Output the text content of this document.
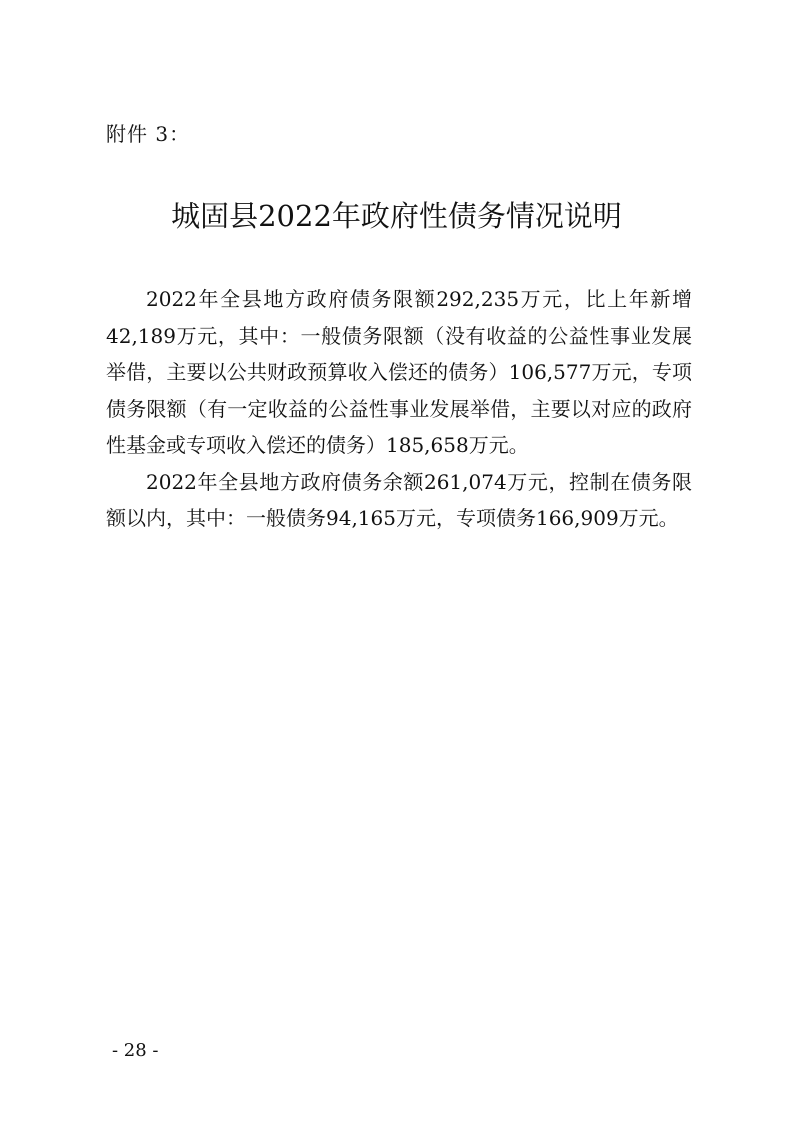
附件 3：
城固县2022年政府性债务情况说明

2022年全县地方政府债务限额292,235万元，比上年新增42,189万元，其中：一般债务限额（没有收益的公益性事业发展举借，主要以公共财政预算收入偿还的债务）106,577万元，专项债务限额（有一定收益的公益性事业发展举借，主要以对应的政府性基金或专项收入偿还的债务）185,658万元。

2022年全县地方政府债务余额261,074万元，控制在债务限额以内，其中：一般债务94,165万元，专项债务166,909万元。

- 28 -
